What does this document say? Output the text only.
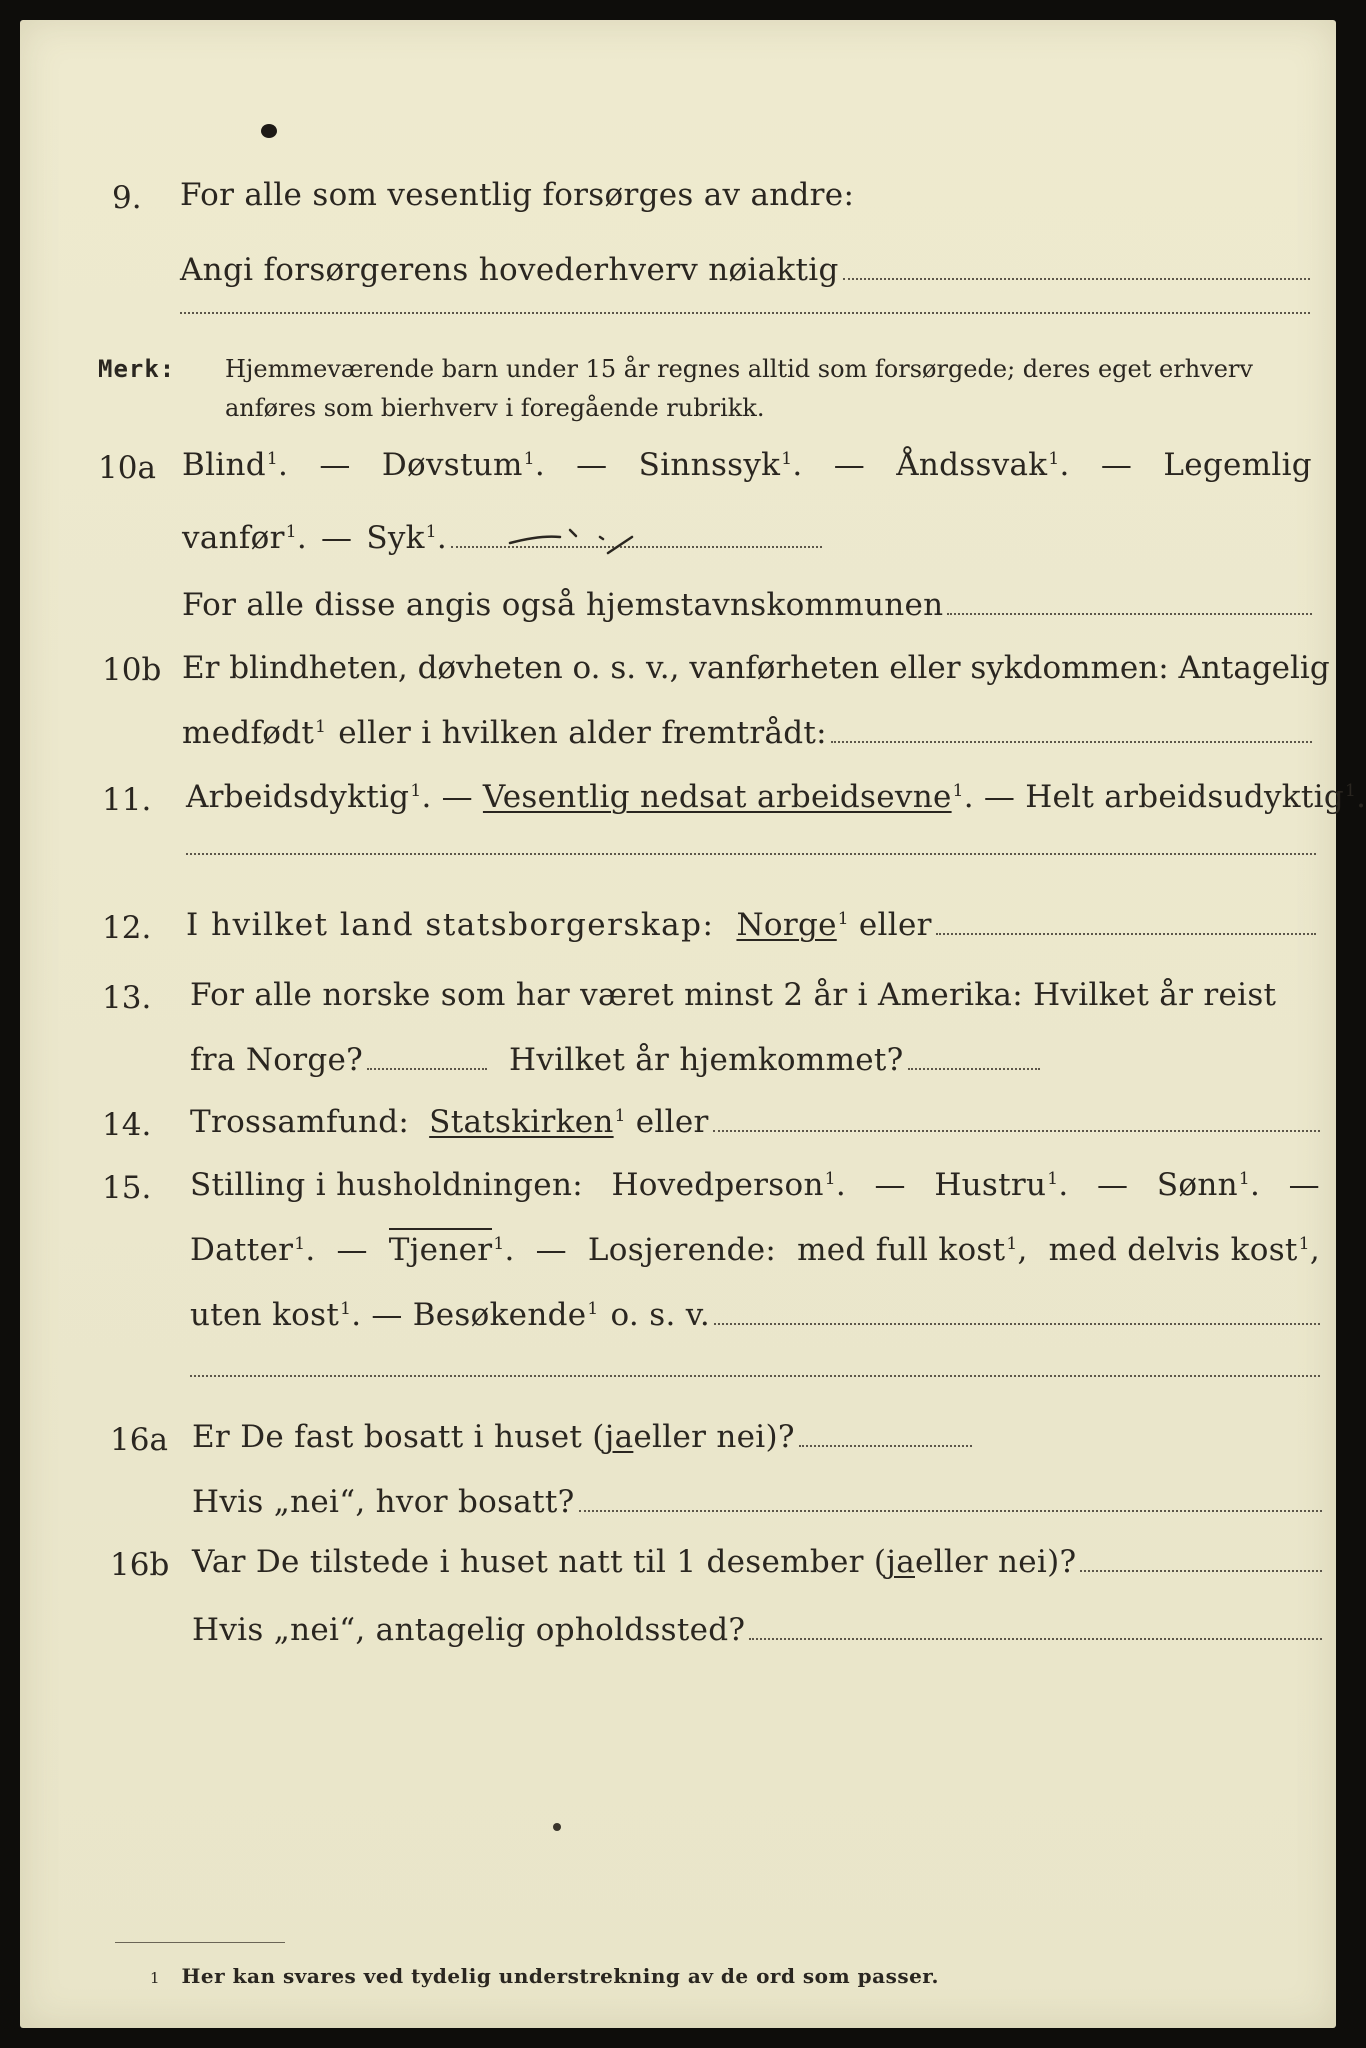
9. For alle som vesentlig forsørges av andre:
Angi forsørgerens hovederhverv nøiaktig
Merk: Hjemmeværende barn under 15 år regnes alltid som forsørgede; deres eget erhverv
anføres som bierhverv i foregående rubrikk.
10a Blind$^1$. — Døvstum$^1$. — Sinnssyk$^1$. — Åndssvak$^1$. — Legemlig
vanfør$^1$. — Syk$^1$.
For alle disse angis også hjemstavnskommunen
10b Er blindheten, døvheten o. s. v., vanførheten eller sykdommen: Antagelig
medfødt$^1$ eller i hvilken alder fremtrådt:
11. Arbeidsdyktig$^1$. — Vesentlig nedsat arbeidsevne$^1$. — Helt arbeidsudyktig$^1$.
12. I hvilket land statsborgerskap: Norge$^1$ eller
13. For alle norske som har været minst 2 år i Amerika: Hvilket år reist
fra Norge?	Hvilket år hjemkommet?
14. Trossamfund: Statskirken$^1$ eller
15. Stilling i husholdningen: Hovedperson$^1$. — Hustru$^1$. — Sønn$^1$. —
Datter$^1$. — Tjener$^1$. — Losjerende: med full kost$^1$, med delvis kost$^1$,
uten kost$^1$. — Besøkende$^1$ o. s. v.
16a Er De fast bosatt i huset ( ja eller nei)?
Hvis „nei“, hvor bosatt?
16b Var De tilstede i huset natt til 1 desember ( ja eller nei)?
Hvis „nei“, antagelig opholdssted?
1 Her kan svares ved tydelig understrekning av de ord som passer.
